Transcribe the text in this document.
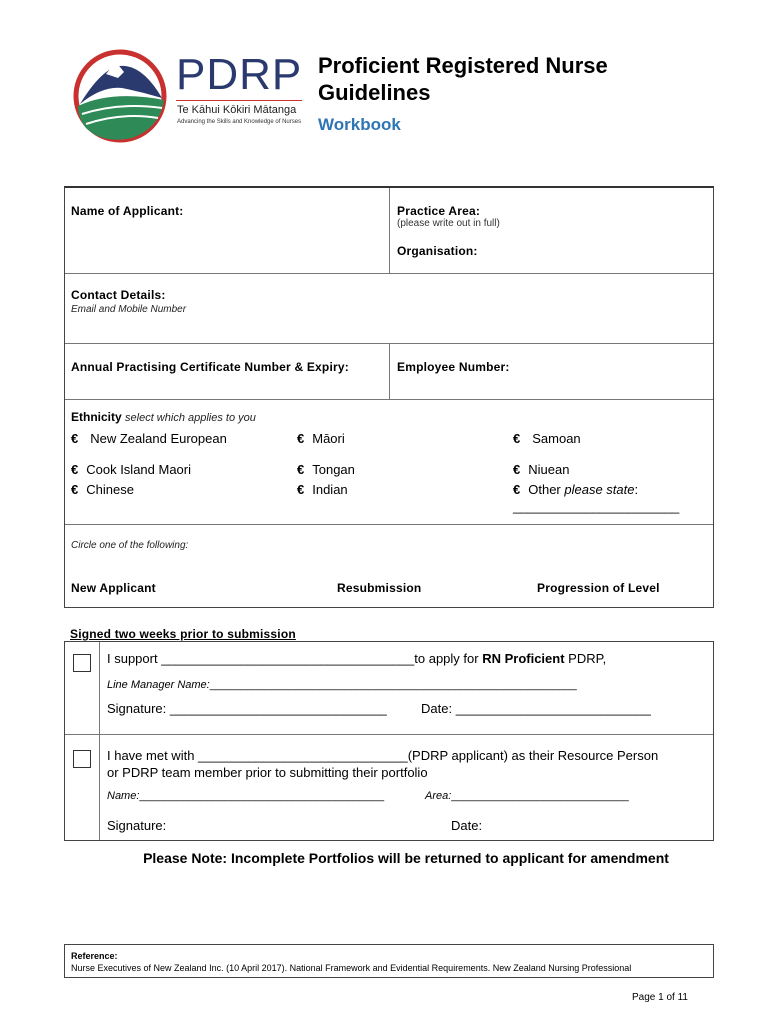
PDRP
Te Kāhui Kōkiri Mātanga
Advancing the Skills and Knowledge of Nurses
Proficient Registered Nurse Guidelines
Workbook
Name of Applicant:	Practice Area:
(please write out in full)
Organisation:
Contact Details:
Email and Mobile Number
Annual Practising Certificate Number & Expiry:	Employee Number:
Ethnicity select which applies to you
€ New Zealand European	€ Māori	€ Samoan
€ Cook Island Maori	€ Tongan	€ Niuean
€ Chinese	€ Indian	€ Other please state:
_______________________
Circle one of the following:
New Applicant	Resubmission	Progression of Level
Signed two weeks prior to submission
I support ___________________________________to apply for RN Proficient PDRP,
Line Manager Name:____________________________________________________________
Signature: ______________________________	Date: ___________________________
I have met with _____________________________(PDRP applicant) as their Resource Person
or PDRP team member prior to submitting their portfolio
Name:________________________________________	Area:_____________________________
Signature:	Date:
Please Note: Incomplete Portfolios will be returned to applicant for amendment
Reference:
Nurse Executives of New Zealand Inc. (10 April 2017). National Framework and Evidential Requirements. New Zealand Nursing Professional
Page 1 of 11
